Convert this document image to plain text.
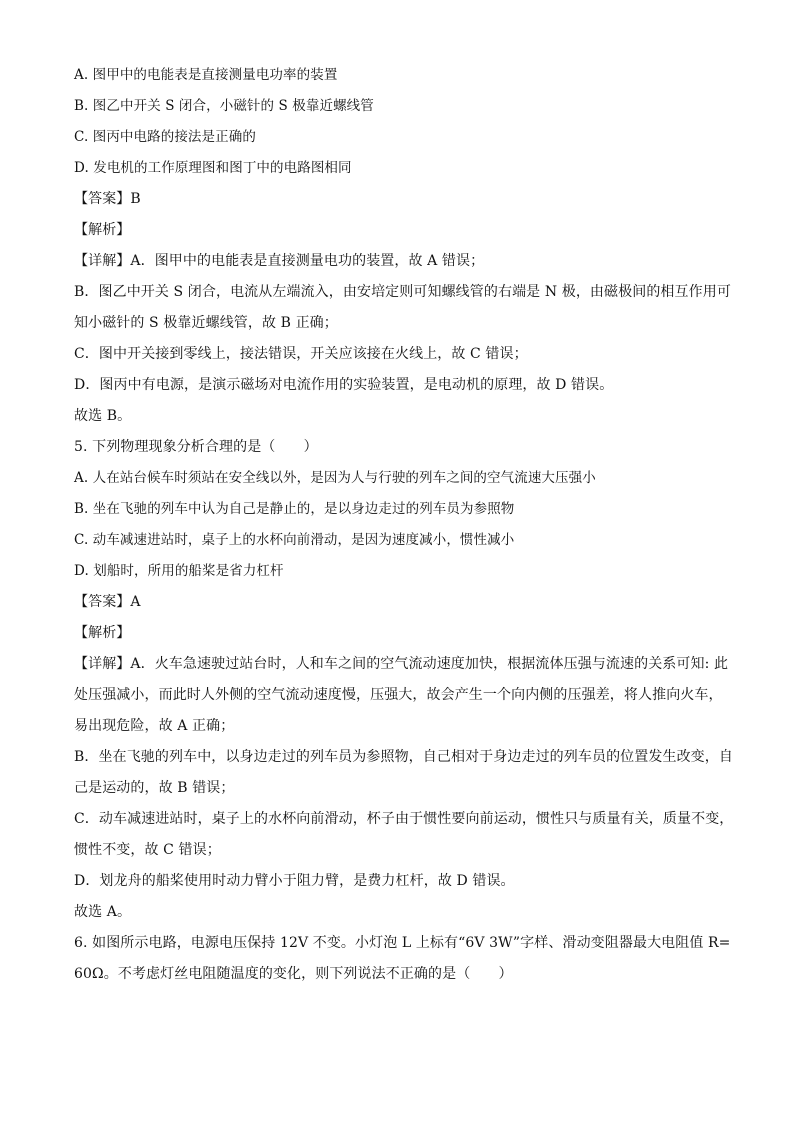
A. 图甲中的电能表是直接测量电功率的装置
B. 图乙中开关 S 闭合，小磁针的 S 极靠近螺线管
C. 图丙中电路的接法是正确的
D. 发电机的工作原理图和图丁中的电路图相同
【答案】B
【解析】
【详解】A．图甲中的电能表是直接测量电功的装置，故 A 错误；
B．图乙中开关 S 闭合，电流从左端流入，由安培定则可知螺线管的右端是 N 极，由磁极间的相互作用可
知小磁针的 S 极靠近螺线管，故 B 正确；
C．图中开关接到零线上，接法错误，开关应该接在火线上，故 C 错误；
D．图丙中有电源，是演示磁场对电流作用的实验装置，是电动机的原理，故 D 错误。
故选 B。
5. 下列物理现象分析合理的是（　　）
A. 人在站台候车时须站在安全线以外，是因为人与行驶的列车之间的空气流速大压强小
B. 坐在飞驰的列车中认为自己是静止的，是以身边走过的列车员为参照物
C. 动车减速进站时，桌子上的水杯向前滑动，是因为速度减小，惯性减小
D. 划船时，所用的船桨是省力杠杆
【答案】A
【解析】
【详解】A．火车急速驶过站台时，人和车之间的空气流动速度加快，根据流体压强与流速的关系可知: 此
处压强减小，而此时人外侧的空气流动速度慢，压强大，故会产生一个向内侧的压强差，将人推向火车，
易出现危险，故 A 正确；
B．坐在飞驰的列车中，以身边走过的列车员为参照物，自己相对于身边走过的列车员的位置发生改变，自
己是运动的，故 B 错误；
C．动车减速进站时，桌子上的水杯向前滑动，杯子由于惯性要向前运动，惯性只与质量有关，质量不变，
惯性不变，故 C 错误；
D．划龙舟的船桨使用时动力臂小于阻力臂，是费力杠杆，故 D 错误。
故选 A。
6. 如图所示电路，电源电压保持 12V 不变。小灯泡 L 上标有“6V 3W”字样、滑动变阻器最大电阻值 R=
60Ω。不考虑灯丝电阻随温度的变化，则下列说法不正确的是（　　）
